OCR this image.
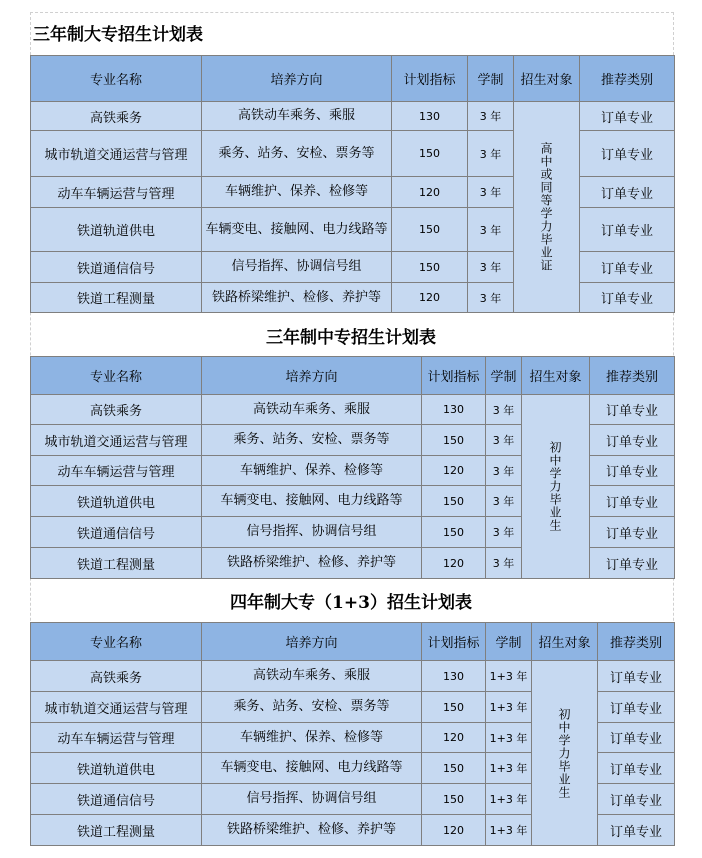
三年制大专招生计划表
专业名称	培养方向	计划指标	学制	招生对象	推荐类别
高铁乘务	高铁动车乘务、乘服	130	3 年	高中或同等学力毕业证	订单专业
城市轨道交通运营与管理	乘务、站务、安检、票务等	150	3 年		订单专业
动车车辆运营与管理	车辆维护、保养、检修等	120	3 年		订单专业
铁道轨道供电	车辆变电、接触网、电力线路等	150	3 年		订单专业
铁道通信信号	信号指挥、协调信号组	150	3 年		订单专业
铁道工程测量	铁路桥梁维护、检修、养护等	120	3 年		订单专业
三年制中专招生计划表
专业名称	培养方向	计划指标	学制	招生对象	推荐类别
高铁乘务	高铁动车乘务、乘服	130	3 年	初中学力毕业生	订单专业
城市轨道交通运营与管理	乘务、站务、安检、票务等	150	3 年		订单专业
动车车辆运营与管理	车辆维护、保养、检修等	120	3 年		订单专业
铁道轨道供电	车辆变电、接触网、电力线路等	150	3 年		订单专业
铁道通信信号	信号指挥、协调信号组	150	3 年		订单专业
铁道工程测量	铁路桥梁维护、检修、养护等	120	3 年		订单专业
四年制大专（1+3）招生计划表
专业名称	培养方向	计划指标	学制	招生对象	推荐类别
高铁乘务	高铁动车乘务、乘服	130	1+3 年	初中学力毕业生	订单专业
城市轨道交通运营与管理	乘务、站务、安检、票务等	150	1+3 年		订单专业
动车车辆运营与管理	车辆维护、保养、检修等	120	1+3 年		订单专业
铁道轨道供电	车辆变电、接触网、电力线路等	150	1+3 年		订单专业
铁道通信信号	信号指挥、协调信号组	150	1+3 年		订单专业
铁道工程测量	铁路桥梁维护、检修、养护等	120	1+3 年		订单专业
